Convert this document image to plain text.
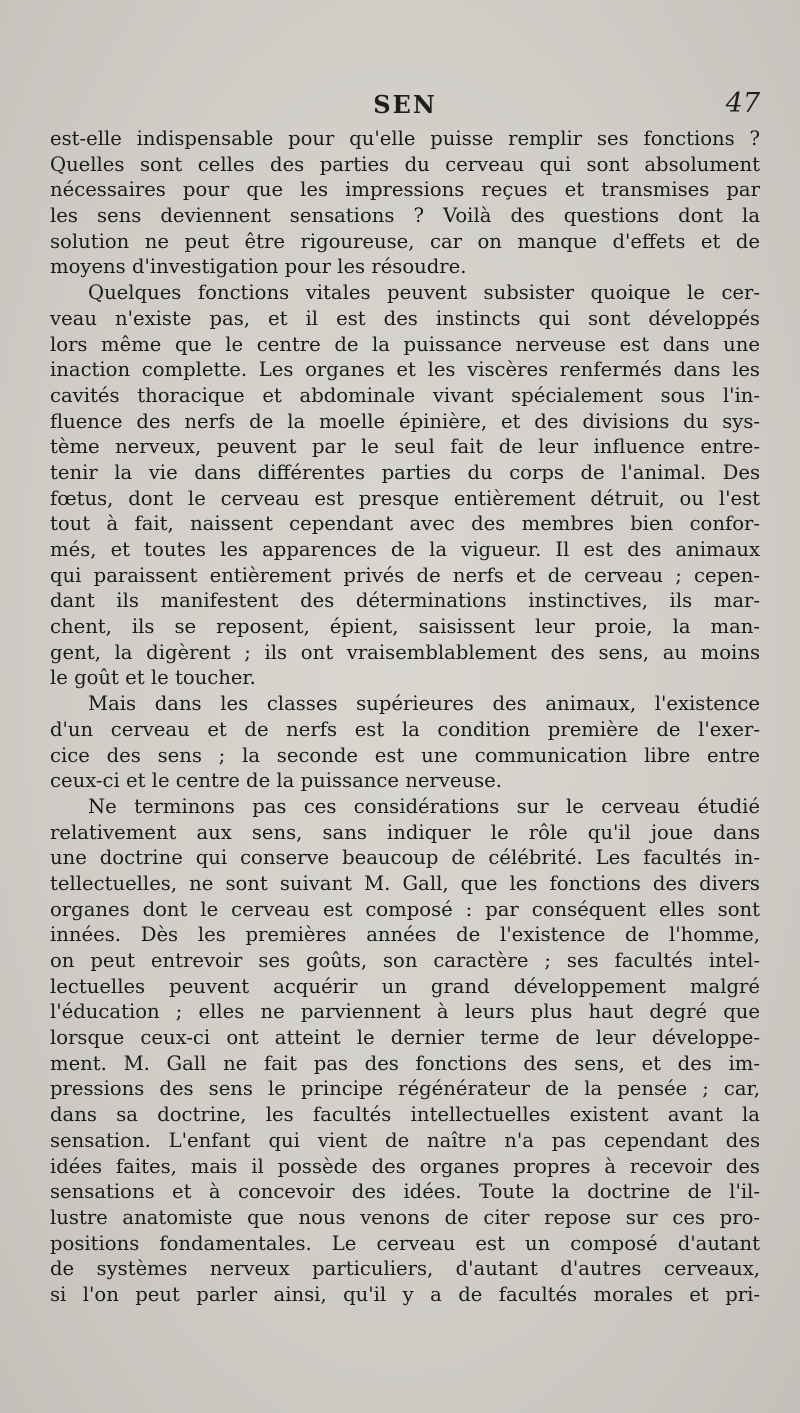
SEN	47
est-elle indispensable pour qu'elle puisse remplir ses fonctions ?
Quelles sont celles des parties du cerveau qui sont absolument
nécessaires pour que les impressions reçues et transmises par
les sens deviennent sensations ? Voilà des questions dont la
solution ne peut être rigoureuse, car on manque d'effets et de
moyens d'investigation pour les résoudre.
Quelques fonctions vitales peuvent subsister quoique le cer-
veau n'existe pas, et il est des instincts qui sont développés
lors même que le centre de la puissance nerveuse est dans une
inaction complette. Les organes et les viscères renfermés dans les
cavités thoracique et abdominale vivant spécialement sous l'in-
fluence des nerfs de la moelle épinière, et des divisions du sys-
tème nerveux, peuvent par le seul fait de leur influence entre-
tenir la vie dans différentes parties du corps de l'animal. Des
fœtus, dont le cerveau est presque entièrement détruit, ou l'est
tout à fait, naissent cependant avec des membres bien confor-
més, et toutes les apparences de la vigueur. Il est des animaux
qui paraissent entièrement privés de nerfs et de cerveau ; cepen-
dant ils manifestent des déterminations instinctives, ils mar-
chent, ils se reposent, épient, saisissent leur proie, la man-
gent, la digèrent ; ils ont vraisemblablement des sens, au moins
le goût et le toucher.
Mais dans les classes supérieures des animaux, l'existence
d'un cerveau et de nerfs est la condition première de l'exer-
cice des sens ; la seconde est une communication libre entre
ceux-ci et le centre de la puissance nerveuse.
Ne terminons pas ces considérations sur le cerveau étudié
relativement aux sens, sans indiquer le rôle qu'il joue dans
une doctrine qui conserve beaucoup de célébrité. Les facultés in-
tellectuelles, ne sont suivant M. Gall, que les fonctions des divers
organes dont le cerveau est composé : par conséquent elles sont
innées. Dès les premières années de l'existence de l'homme,
on peut entrevoir ses goûts, son caractère ; ses facultés intel-
lectuelles peuvent acquérir un grand développement malgré
l'éducation ; elles ne parviennent à leurs plus haut degré que
lorsque ceux-ci ont atteint le dernier terme de leur développe-
ment. M. Gall ne fait pas des fonctions des sens, et des im-
pressions des sens le principe régénérateur de la pensée ; car,
dans sa doctrine, les facultés intellectuelles existent avant la
sensation. L'enfant qui vient de naître n'a pas cependant des
idées faites, mais il possède des organes propres à recevoir des
sensations et à concevoir des idées. Toute la doctrine de l'il-
lustre anatomiste que nous venons de citer repose sur ces pro-
positions fondamentales. Le cerveau est un composé d'autant
de systèmes nerveux particuliers, d'autant d'autres cerveaux,
si l'on peut parler ainsi, qu'il y a de facultés morales et pri-
